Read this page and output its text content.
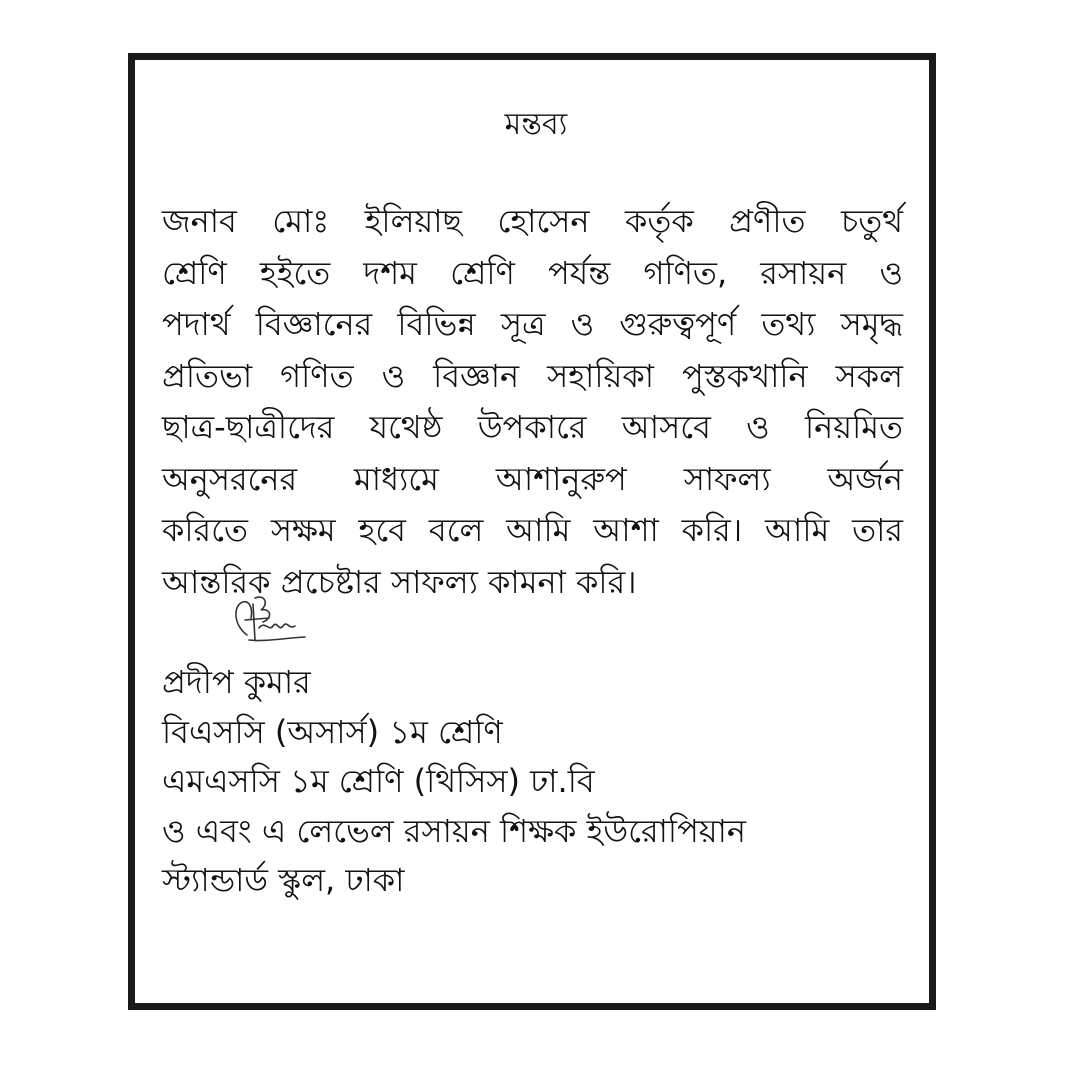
মন্তব্য
জনাব মোঃ ইলিয়াছ হোসেন কর্তৃক প্রণীত চতুর্থ
শ্রেণি হইতে দশম শ্রেণি পর্যন্ত গণিত, রসায়ন ও
পদার্থ বিজ্ঞানের বিভিন্ন সূত্র ও গুরুত্বপূর্ণ তথ্য সমৃদ্ধ
প্রতিভা গণিত ও বিজ্ঞান সহায়িকা পুস্তকখানি সকল
ছাত্র-ছাত্রীদের যথেষ্ঠ উপকারে আসবে ও নিয়মিত
অনুসরনের মাধ্যমে আশানুরুপ সাফল্য অর্জন
করিতে সক্ষম হবে বলে আমি আশা করি। আমি তার
আন্তরিক প্রচেষ্টার সাফল্য কামনা করি।
প্রদীপ কুমার
বিএসসি (অসার্স) ১ম শ্রেণি
এমএসসি ১ম শ্রেণি (থিসিস) ঢা.বি
ও এবং এ লেভেল রসায়ন শিক্ষক ইউরোপিয়ান
স্ট্যান্ডার্ড স্কুল, ঢাকা
